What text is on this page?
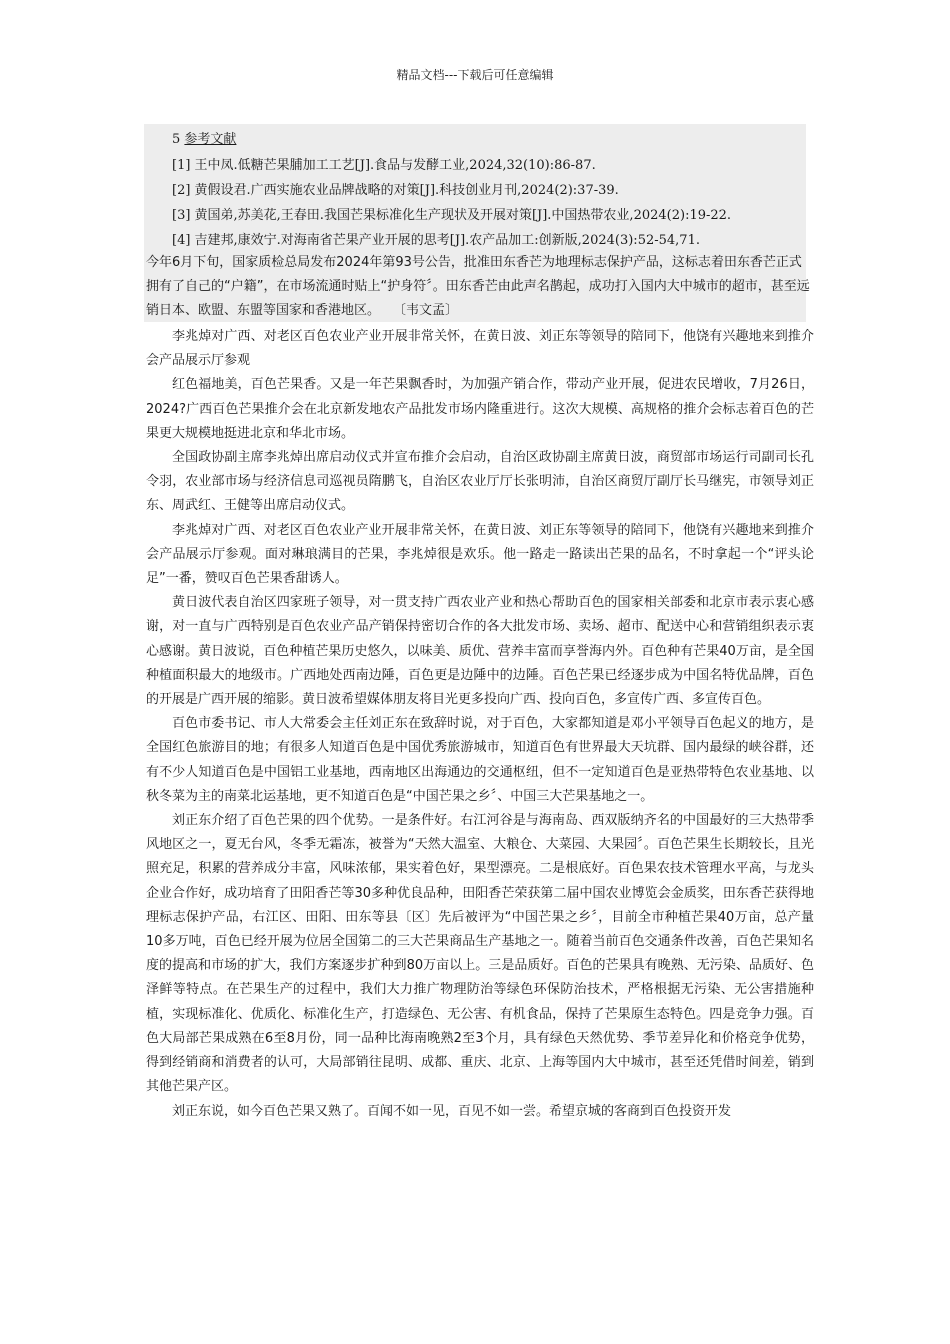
精品文档---下载后可任意编辑
5 参考文献
[1] 王中凤.低糖芒果脯加工工艺[J].食品与发酵工业,2024,32(10):86-87.
[2] 黄假设君.广西实施农业品牌战略的对策[J].科技创业月刊,2024(2):37-39.
[3] 黄国弟,苏美花,王春田.我国芒果标准化生产现状及开展对策[J].中国热带农业,2024(2):19-22.
[4] 吉建邦,康效宁.对海南省芒果产业开展的思考[J].农产品加工:创新版,2024(3):52-54,71.
今年6月下旬，国家质检总局发布2024年第93号公告，批准田东香芒为地理标志保护产品，这标志着田东香芒正式拥有了自己的“户籍”，在市场流通时贴上“护身符〞。田东香芒由此声名鹊起，成功打入国内大中城市的超市，甚至远销日本、欧盟、东盟等国家和香港地区。　　〔韦文孟〕

李兆焯对广西、对老区百色农业产业开展非常关怀，在黄日波、刘正东等领导的陪同下，他饶有兴趣地来到推介会产品展示厅参观

红色福地美，百色芒果香。又是一年芒果飘香时，为加强产销合作，带动产业开展，促进农民增收，7月26日，2024?广西百色芒果推介会在北京新发地农产品批发市场内隆重进行。这次大规模、高规格的推介会标志着百色的芒果更大规模地挺进北京和华北市场。

全国政协副主席李兆焯出席启动仪式并宣布推介会启动，自治区政协副主席黄日波，商贸部市场运行司副司长孔令羽，农业部市场与经济信息司巡视员隋鹏飞，自治区农业厅厅长张明沛，自治区商贸厅副厅长马继宪，市领导刘正东、周武红、王健等出席启动仪式。

李兆焯对广西、对老区百色农业产业开展非常关怀，在黄日波、刘正东等领导的陪同下，他饶有兴趣地来到推介会产品展示厅参观。面对琳琅满目的芒果，李兆焯很是欢乐。他一路走一路读出芒果的品名，不时拿起一个“评头论足”一番，赞叹百色芒果香甜诱人。

黄日波代表自治区四家班子领导，对一贯支持广西农业产业和热心帮助百色的国家相关部委和北京市表示衷心感谢，对一直与广西特别是百色农业产品产销保持密切合作的各大批发市场、卖场、超市、配送中心和营销组织表示衷心感谢。黄日波说，百色种植芒果历史悠久，以味美、质优、营养丰富而享誉海内外。百色种有芒果40万亩，是全国种植面积最大的地级市。广西地处西南边陲，百色更是边陲中的边陲。百色芒果已经逐步成为中国名特优品牌，百色的开展是广西开展的缩影。黄日波希望媒体朋友将目光更多投向广西、投向百色，多宣传广西、多宣传百色。

百色市委书记、市人大常委会主任刘正东在致辞时说，对于百色，大家都知道是邓小平领导百色起义的地方，是全国红色旅游目的地；有很多人知道百色是中国优秀旅游城市，知道百色有世界最大天坑群、国内最绿的峡谷群，还有不少人知道百色是中国铝工业基地，西南地区出海通边的交通枢纽，但不一定知道百色是亚热带特色农业基地、以秋冬菜为主的南菜北运基地，更不知道百色是“中国芒果之乡〞、中国三大芒果基地之一。

刘正东介绍了百色芒果的四个优势。一是条件好。右江河谷是与海南岛、西双版纳齐名的中国最好的三大热带季风地区之一，夏无台风，冬季无霜冻，被誉为“天然大温室、大粮仓、大菜园、大果园〞。百色芒果生长期较长，且光照充足，积累的营养成分丰富，风味浓郁，果实着色好，果型漂亮。二是根底好。百色果农技术管理水平高，与龙头企业合作好，成功培育了田阳香芒等30多种优良品种，田阳香芒荣获第二届中国农业博览会金质奖，田东香芒获得地理标志保护产品，右江区、田阳、田东等县〔区〕先后被评为“中国芒果之乡〞，目前全市种植芒果40万亩，总产量10多万吨，百色已经开展为位居全国第二的三大芒果商品生产基地之一。随着当前百色交通条件改善，百色芒果知名度的提高和市场的扩大，我们方案逐步扩种到80万亩以上。三是品质好。百色的芒果具有晚熟、无污染、品质好、色泽鲜等特点。在芒果生产的过程中，我们大力推广物理防治等绿色环保防治技术，严格根据无污染、无公害措施种植，实现标准化、优质化、标准化生产，打造绿色、无公害、有机食品，保持了芒果原生态特色。四是竞争力强。百色大局部芒果成熟在6至8月份，同一品种比海南晚熟2至3个月，具有绿色天然优势、季节差异化和价格竞争优势，得到经销商和消费者的认可，大局部销往昆明、成都、重庆、北京、上海等国内大中城市，甚至还凭借时间差，销到其他芒果产区。

刘正东说，如今百色芒果又熟了。百闻不如一见，百见不如一尝。希望京城的客商到百色投资开发
